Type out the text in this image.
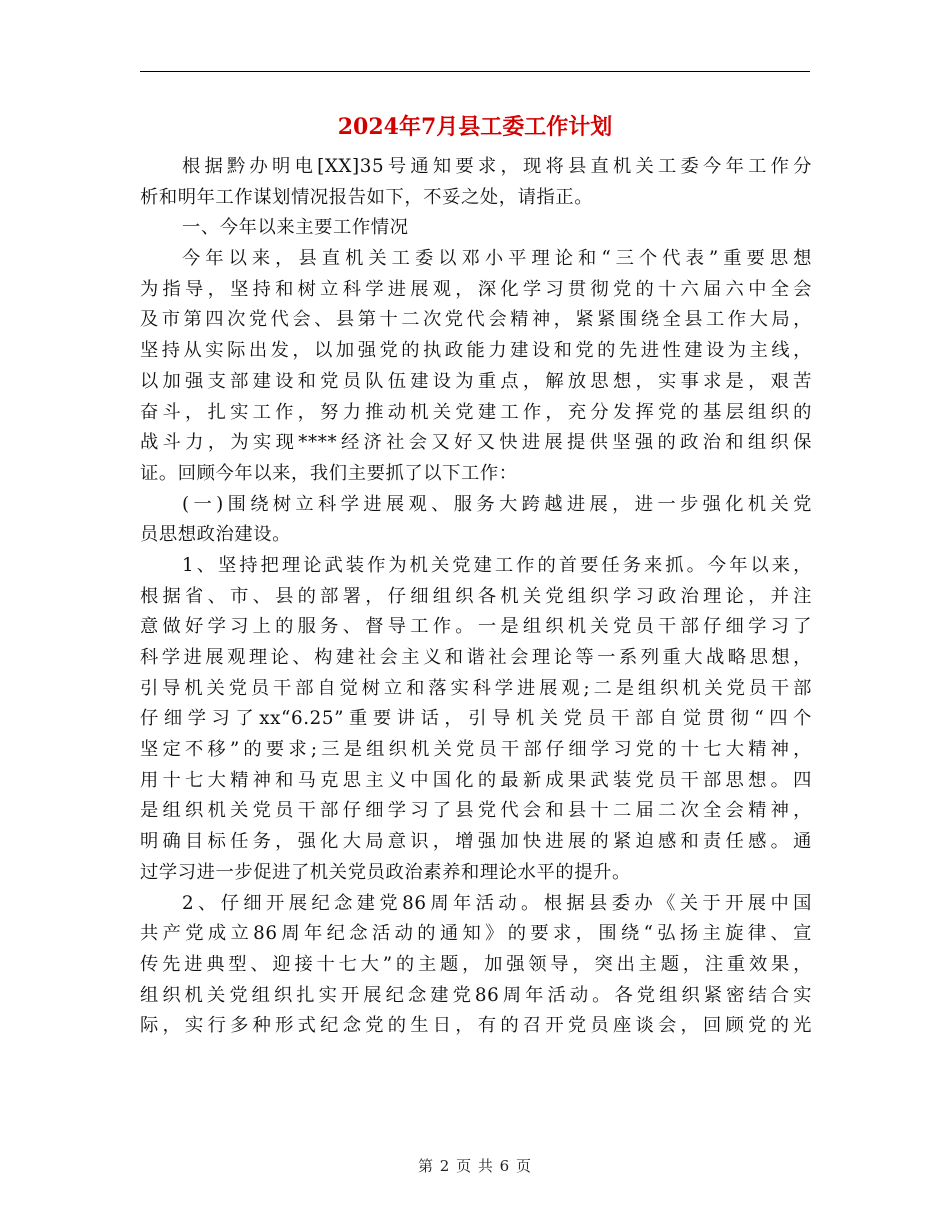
2024年7月县工委工作计划
根据黔办明电[XX]35号通知要求，现将县直机关工委今年工作分
析和明年工作谋划情况报告如下，不妥之处，请指正。
一、今年以来主要工作情况
今年以来，县直机关工委以邓小平理论和“三个代表”重要思想
为指导，坚持和树立科学进展观，深化学习贯彻党的十六届六中全会
及市第四次党代会、县第十二次党代会精神，紧紧围绕全县工作大局，
坚持从实际出发，以加强党的执政能力建设和党的先进性建设为主线，
以加强支部建设和党员队伍建设为重点，解放思想，实事求是，艰苦
奋斗，扎实工作，努力推动机关党建工作，充分发挥党的基层组织的
战斗力，为实现****经济社会又好又快进展提供坚强的政治和组织保
证。回顾今年以来，我们主要抓了以下工作：
(一)围绕树立科学进展观、服务大跨越进展，进一步强化机关党
员思想政治建设。
1、坚持把理论武装作为机关党建工作的首要任务来抓。今年以来，
根据省、市、县的部署，仔细组织各机关党组织学习政治理论，并注
意做好学习上的服务、督导工作。一是组织机关党员干部仔细学习了
科学进展观理论、构建社会主义和谐社会理论等一系列重大战略思想，
引导机关党员干部自觉树立和落实科学进展观;二是组织机关党员干部
仔细学习了xx“6.25”重要讲话，引导机关党员干部自觉贯彻“四个
坚定不移”的要求;三是组织机关党员干部仔细学习党的十七大精神，
用十七大精神和马克思主义中国化的最新成果武装党员干部思想。四
是组织机关党员干部仔细学习了县党代会和县十二届二次全会精神，
明确目标任务，强化大局意识，增强加快进展的紧迫感和责任感。通
过学习进一步促进了机关党员政治素养和理论水平的提升。
2、仔细开展纪念建党86周年活动。根据县委办《关于开展中国
共产党成立86周年纪念活动的通知》的要求，围绕“弘扬主旋律、宣
传先进典型、迎接十七大”的主题，加强领导，突出主题，注重效果，
组织机关党组织扎实开展纪念建党86周年活动。各党组织紧密结合实
际，实行多种形式纪念党的生日，有的召开党员座谈会，回顾党的光
第 2 页 共 6 页
